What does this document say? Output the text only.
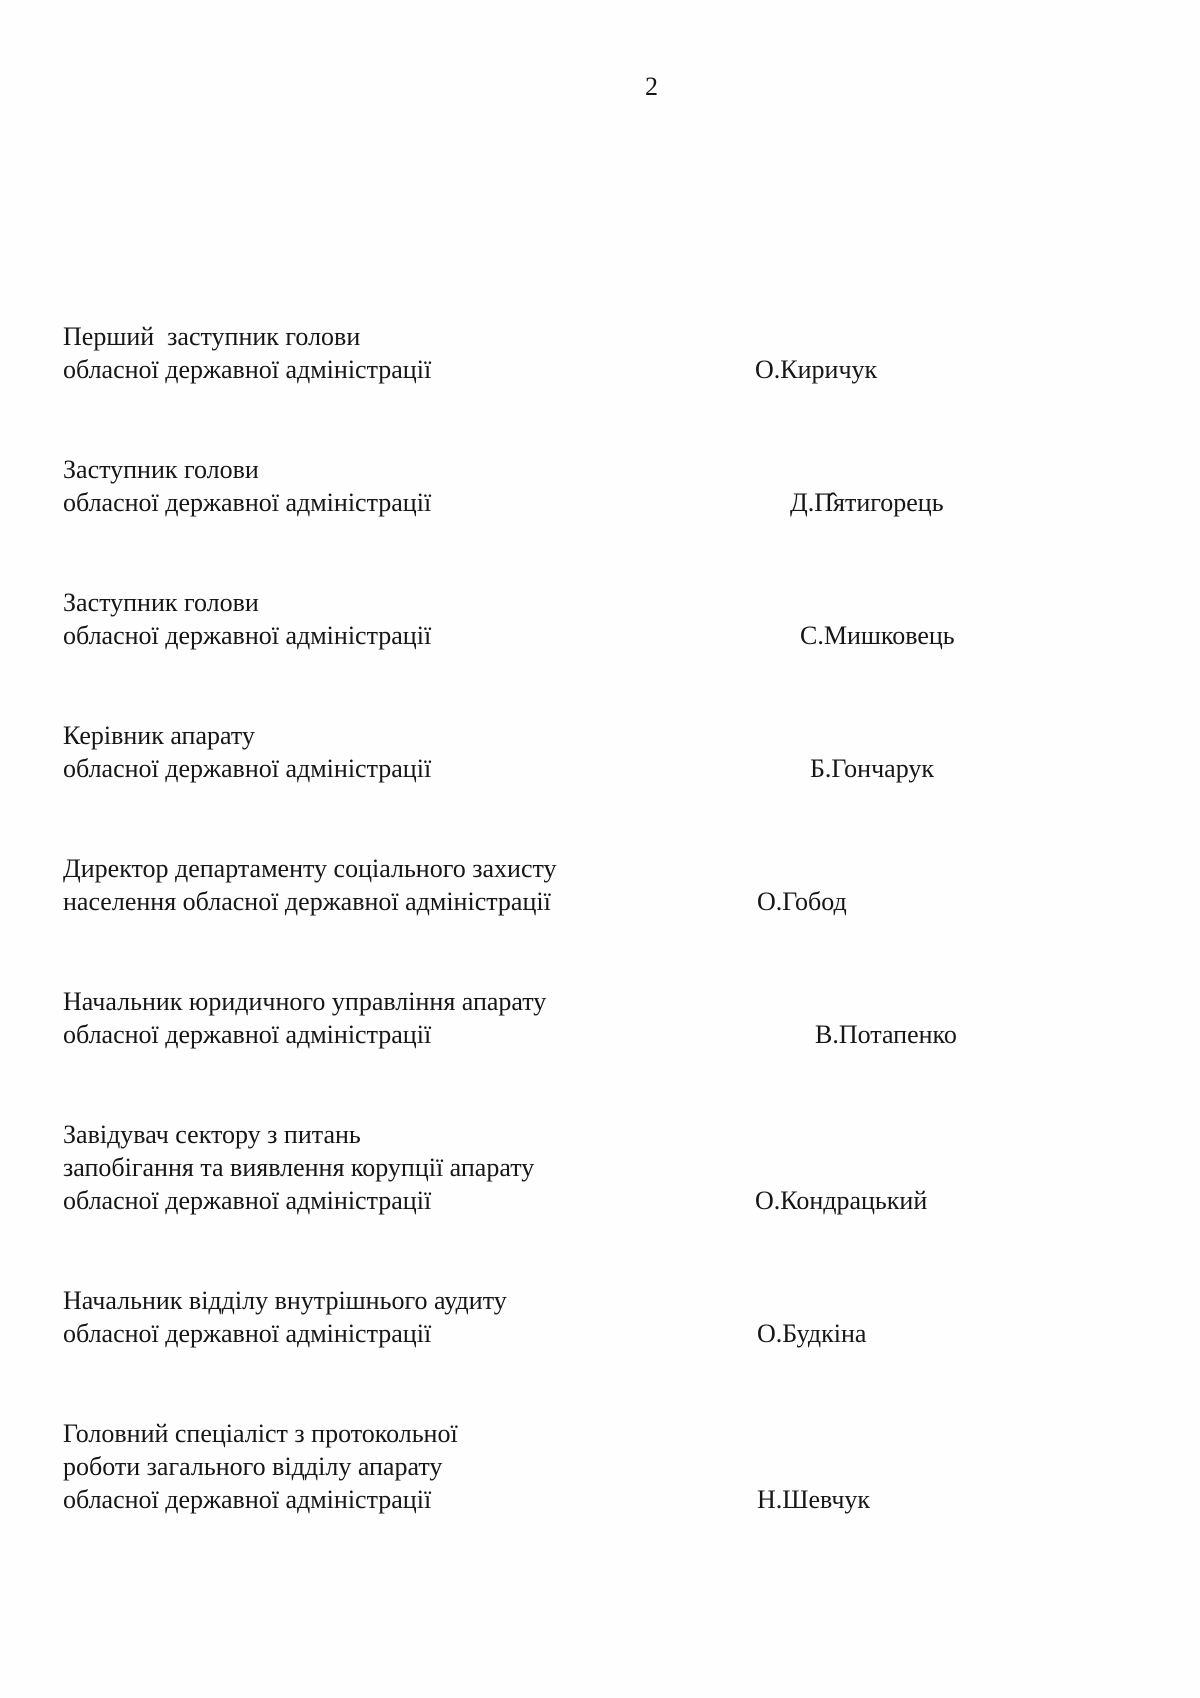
2
Перший  заступник голови
обласної державної адміністрації	О.Киричук
Заступник голови
обласної державної адміністрації	Д.П̂ятигорець
Заступник голови
обласної державної адміністрації	С.Мишковець
Керівник апарату
обласної державної адміністрації	Б.Гончарук
Директор департаменту соціального захисту
населення обласної державної адміністрації	О.Гобод
Начальник юридичного управління апарату
обласної державної адміністрації	В.Потапенко
Завідувач сектору з питань
запобігання та виявлення корупції апарату
обласної державної адміністрації	О.Кондрацький
Начальник відділу внутрішнього аудиту
обласної державної адміністрації	О.Будкіна
Головний спеціаліст з протокольної
роботи загального відділу апарату
обласної державної адміністрації	Н.Шевчук
